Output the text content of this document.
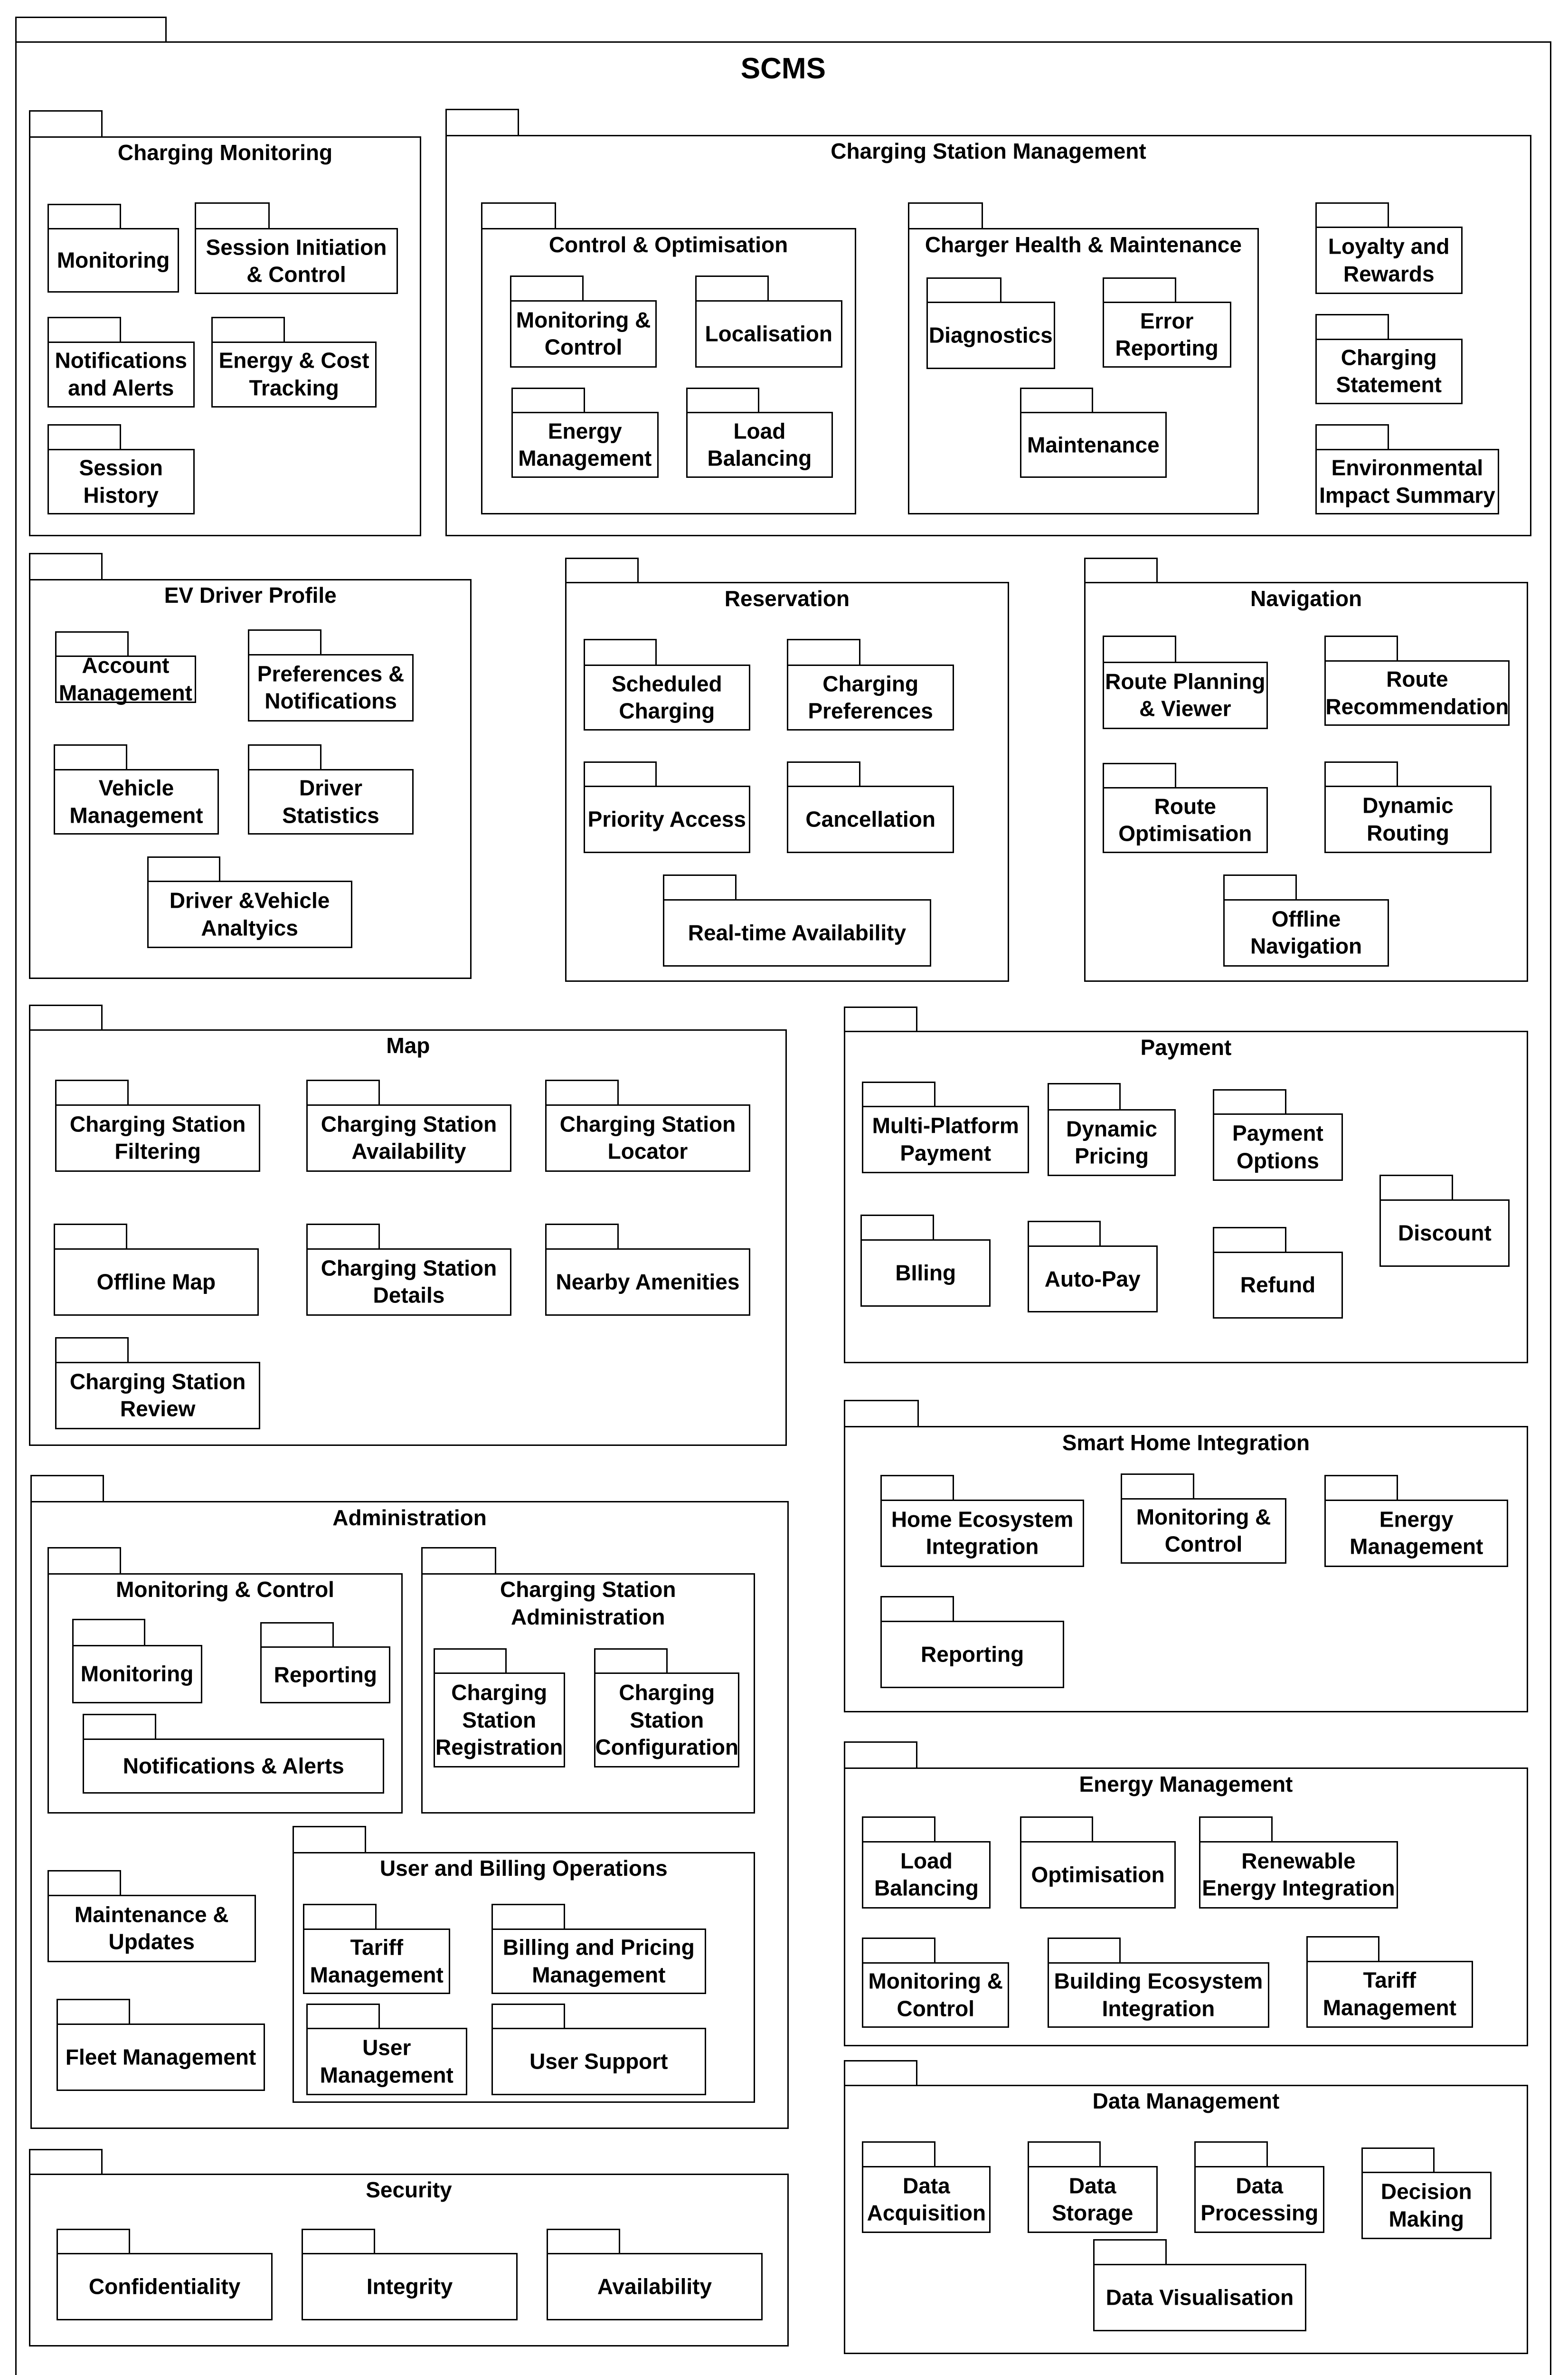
SCMS
Charging Monitoring
Monitoring
Session Initiation
& Control
Notifications
and Alerts
Energy & Cost
Tracking
Session
History
Charging Station Management
Control & Optimisation
Monitoring &
Control
Localisation
Energy
Management
Load
Balancing
Charger Health & Maintenance
Diagnostics
Error
Reporting
Maintenance
Loyalty and
Rewards
Charging
Statement
Environmental
Impact Summary
EV Driver Profile
Account
Management
Preferences &
Notifications
Vehicle
Management
Driver
Statistics
Driver &Vehicle
Analtyics
Reservation
Scheduled
Charging
Charging
Preferences
Priority Access	Cancellation
Real-time Availability
Navigation
Route Planning
& Viewer
Route
Recommendation
Route
Optimisation
Dynamic
Routing
Offline
Navigation
Map
Charging Station
Filtering
Charging Station
Availability
Charging Station
Locator
Offline Map
Charging Station
Details
Nearby Amenities
Charging Station
Review
Payment
Multi-Platform
Payment
Dynamic
Pricing
Payment
Options
Discount
BIling	Auto-Pay	Refund
Administration
Monitoring & Control
Monitoring	Reporting
Notifications & Alerts
Charging Station
Administration
Charging
Station
Registration
Charging
Station
Configuration
Maintenance &
Updates
Fleet Management
User and Billing Operations
Tariff
Management
Billing and Pricing
Management
User
Management
User Support
Smart Home Integration
Home Ecosystem
Integration
Monitoring &
Control
Energy
Management
Reporting
Energy Management
Load
Balancing
Optimisation
Renewable
Energy Integration
Monitoring &
Control
Building Ecosystem
Integration
Tariff
Management
Security
Confidentiality	Integrity	Availability
Data Management
Data
Acquisition
Data
Storage
Data
Processing
Decision
Making
Data Visualisation
